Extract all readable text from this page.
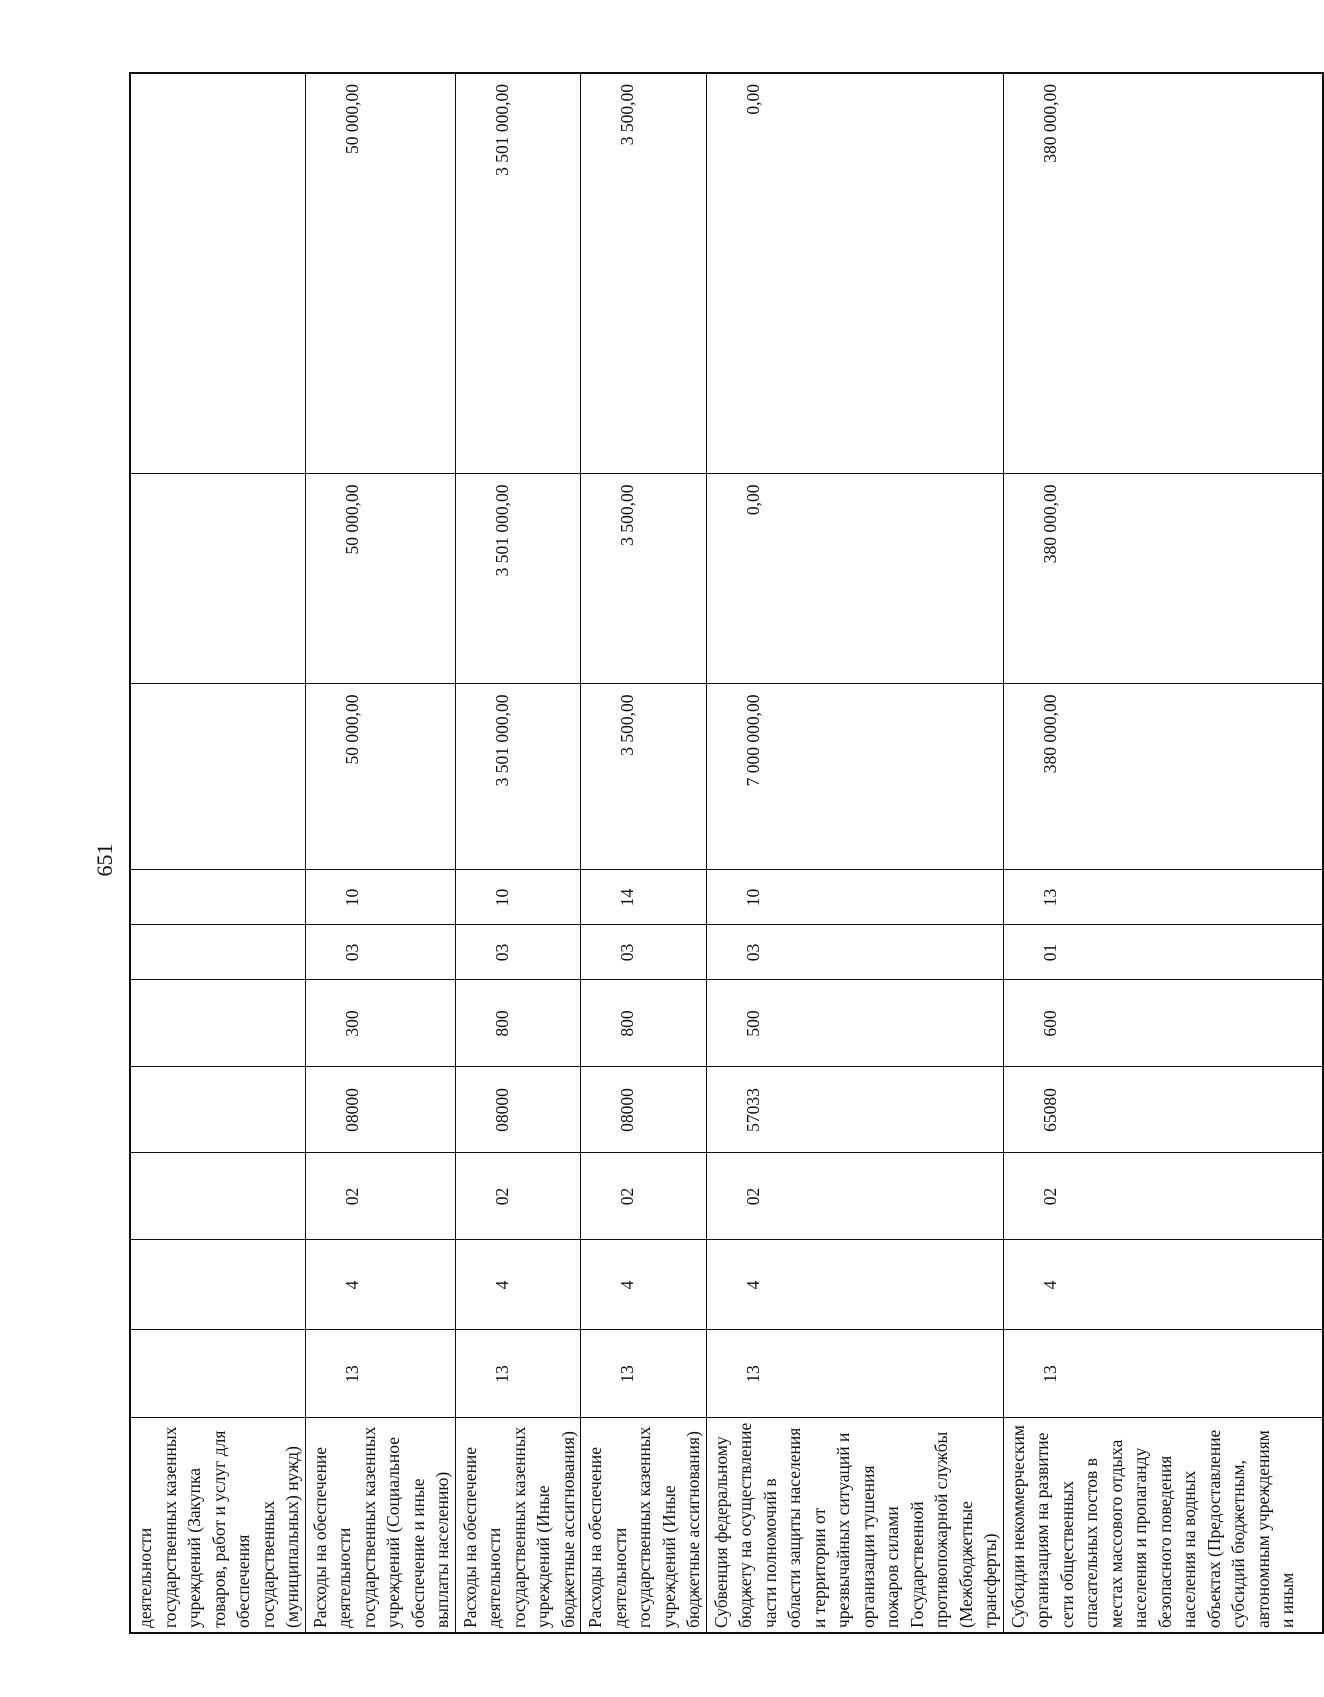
651
деятельности государственных казенных учреждений (Закупка товаров, работ и услуг для обеспечения государственных (муниципальных) нужд)										
Расходы на обеспечение деятельности государственных казенных учреждений (Социальное обеспечение и иные выплаты населению)	13	4	02	08000	300	03	10	50 000,00	50 000,00	50 000,00
Расходы на обеспечение деятельности государственных казенных учреждений (Иные бюджетные ассигнования)	13	4	02	08000	800	03	10	3 501 000,00	3 501 000,00	3 501 000,00
Расходы на обеспечение деятельности государственных казенных учреждений (Иные бюджетные ассигнования)	13	4	02	08000	800	03	14	3 500,00	3 500,00	3 500,00
Субвенция федеральному бюджету на осуществление части полномочий в области защиты населения и территории от чрезвычайных ситуаций и организации тушения пожаров силами Государственной противопожарной службы (Межбюджетные трансферты)	13	4	02	57033	500	03	10	7 000 000,00	0,00	0,00
Субсидии некоммерческим организациям на развитие сети общественных спасательных постов в местах массового отдыха населения и пропаганду безопасного поведения населения на водных объектах (Предоставление субсидий бюджетным, автономным учреждениям и иным	13	4	02	65080	600	01	13	380 000,00	380 000,00	380 000,00
